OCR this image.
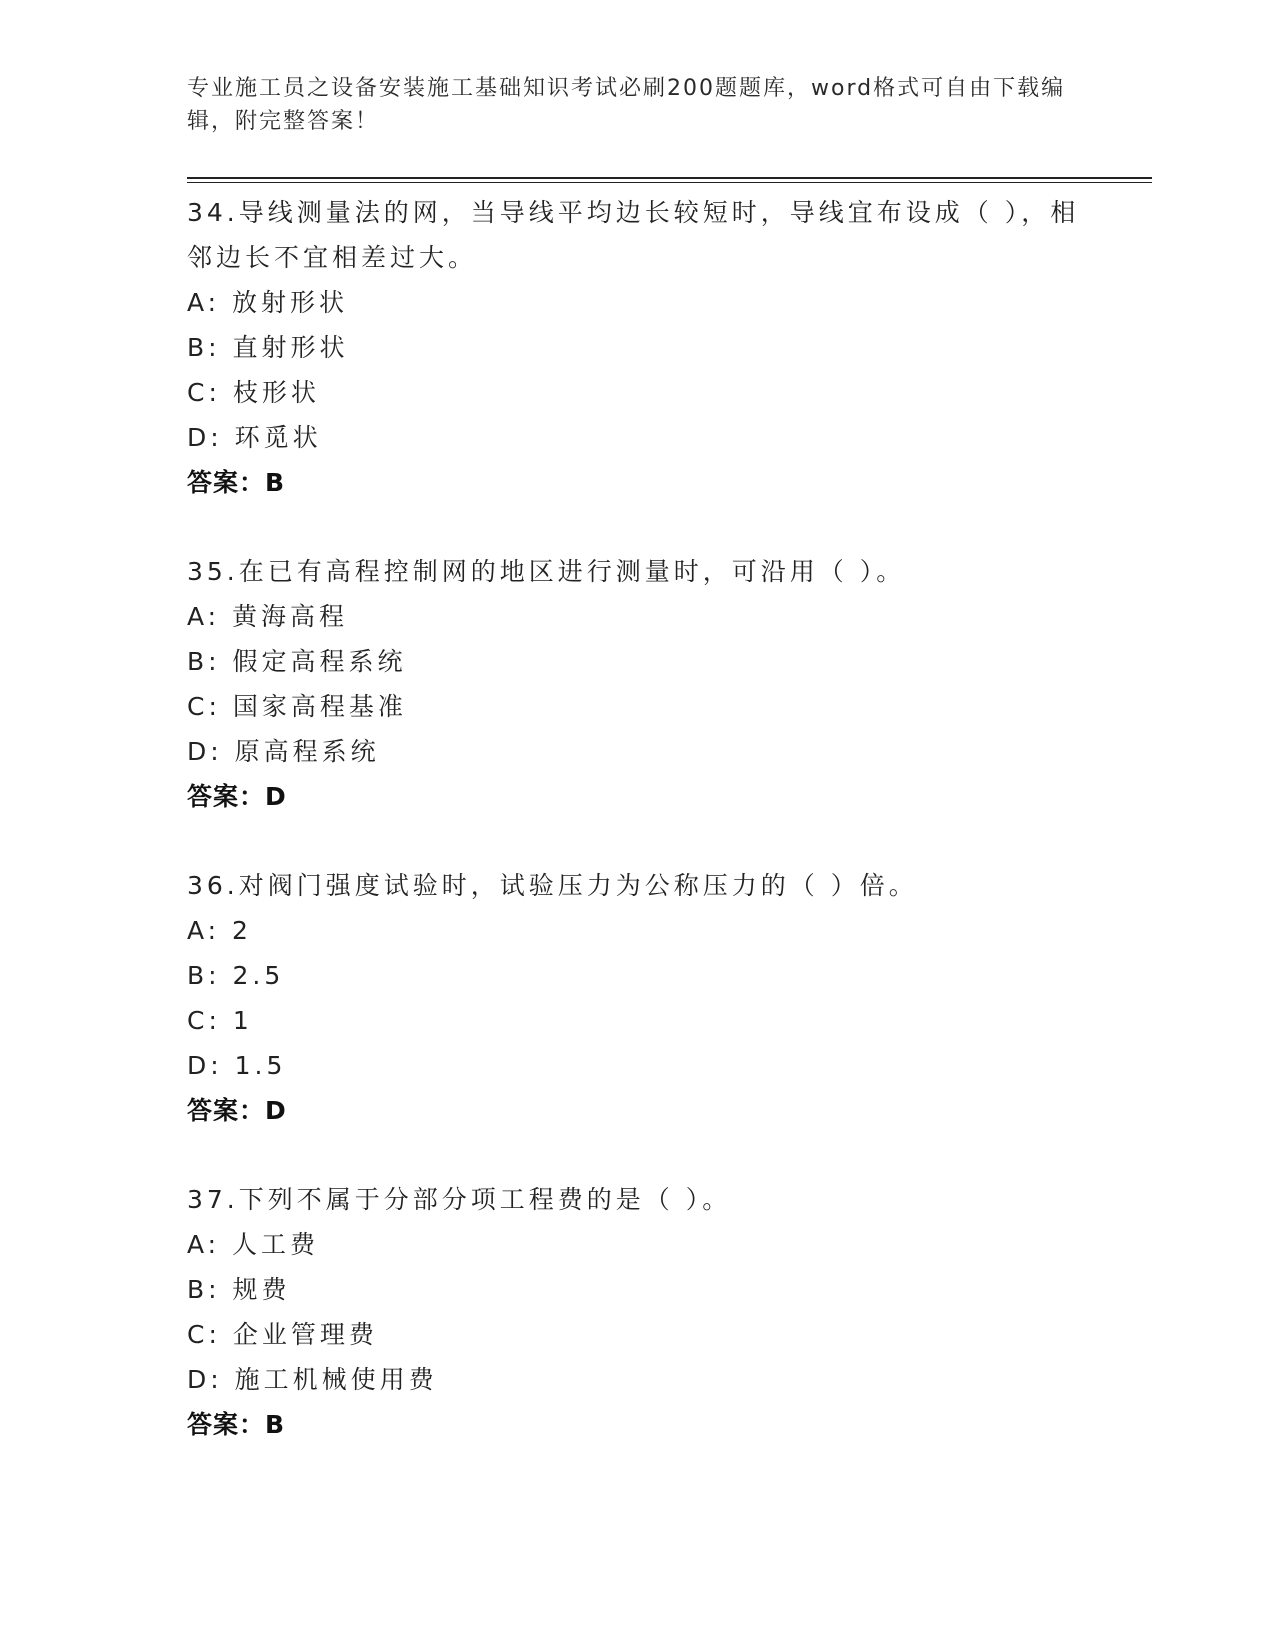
专业施工员之设备安装施工基础知识考试必刷200题题库，word格式可自由下载编辑，附完整答案！

34.导线测量法的网，当导线平均边长较短时，导线宜布设成（ ），相邻边长不宜相差过大。

A: 放射形状
B: 直射形状
C: 枝形状
D: 环觅状
答案：B

35.在已有高程控制网的地区进行测量时，可沿用（ ）。

A: 黄海高程
B: 假定高程系统
C: 国家高程基准
D: 原高程系统
答案：D

36.对阀门强度试验时，试验压力为公称压力的（ ）倍。

A: 2
B: 2.5
C: 1
D: 1.5
答案：D

37.下列不属于分部分项工程费的是（ ）。

A: 人工费
B: 规费
C: 企业管理费
D: 施工机械使用费
答案：B
